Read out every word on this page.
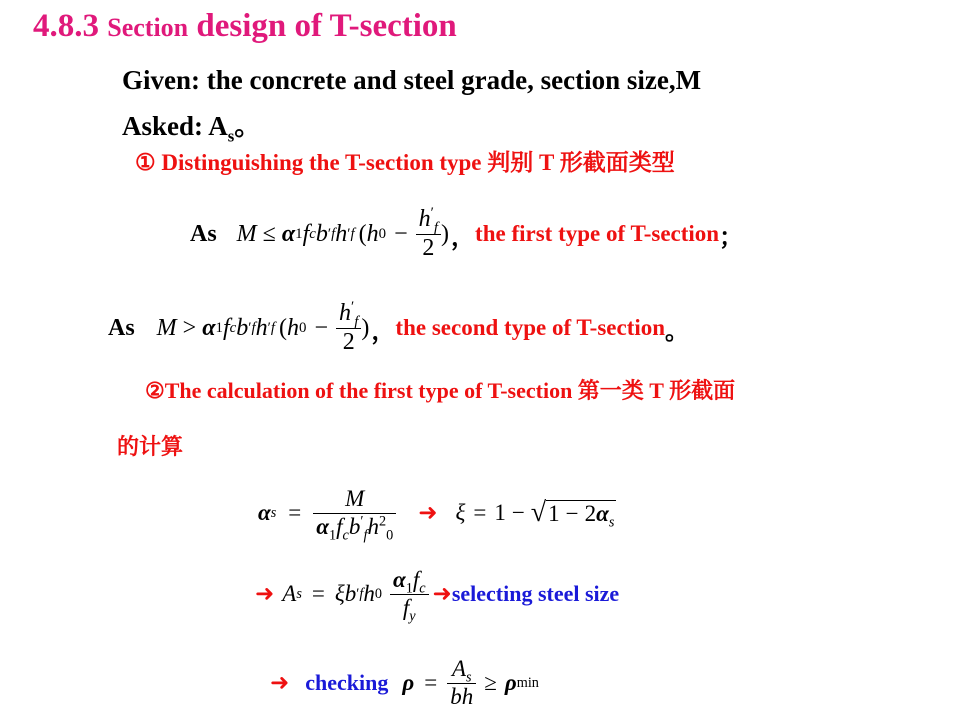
4.8.3 Section design of T-section
Given: the concrete and steel grade, section size,M
Asked: $A_s$。
① Distinguishing the T-section type 判别 T 形截面类型
As M ≤ α 1 f c b ′ f h ′ f ( h $0 - \frac{h'_f}{2}$ ) ， the first type of T-section ；
As M > α 1 f c b ′ f h ′ f ( h $0 - \frac{h'_f}{2}$ ) ， the second type of T-section 。
②The calculation of the first type of T-section 第一类 T 形截面
的计算
α $s = \frac{M}{\alpha_1f_cb'_fh^2_0}$ ➜ ξ = 1 − √ $1 - 2\alpha_s$
➜ A s = ξb ′ f h $0 \frac{\alpha_1f_c}{f_y}$ ➜ selecting steel size
➜ checking $\rho = \frac{A_s}{bh} \ge \rho$ min
